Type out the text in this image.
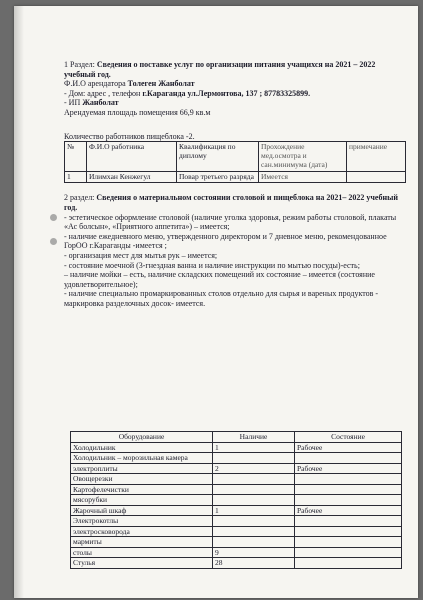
1 Раздел: Сведения о поставке услуг по организации питания учащихся на 2021 – 2022 учебный год.
Ф.И.О арендатора Толеген Жанболат
- Дом: адрес , телефон г.Караганда ул.Лермонтова, 137 ; 87783325899.
- ИП Жанболат
Арендуемая площадь помещения 66,9 кв.м
Количество работников пищеблока -2.
№	Ф.И.О работника	Квалификация по диплому	Прохождение мед.осмотра и сан.минимума (дата)	примечание
1	Илимхан Кенжегул	Повар третьего разряда	Имеется	
2 раздел: Сведения о материальном состоянии столовой и пищеблока на 2021– 2022 учебный год.
- эстетическое оформление столовой (наличие уголка здоровья, режим работы столовой, плакаты «Ас болсын», «Приятного аппетита») – имеется;
- наличие ежедневного меню, утвержденного директором и 7 дневное меню, рекомендованное ГорОО г.Караганды -имеется ;
- организация мест для мытья рук – имеется;
- состояние моечной (3-гнездная ванна и наличие инструкции по мытью посуды)-есть;
– наличие мойки – есть, наличие складских помещений их состояние – имеется (состояние удовлетворительное);
- наличие специально промаркированных столов отдельно для сырья и вареных продуктов - маркировка разделочных досок- имеется.
Оборудование	Наличие	Состояние
Холодильник	1	Рабочее
Холодильник – морозильная камера		
электроплиты	2	Рабочее
Овощерезки		
Картофелечистки		
мясорубки		
Жарочный шкаф	1	Рабочее
Электрокотлы		
электросковорода		
мармиты		
столы	9	
Стулья	28	
